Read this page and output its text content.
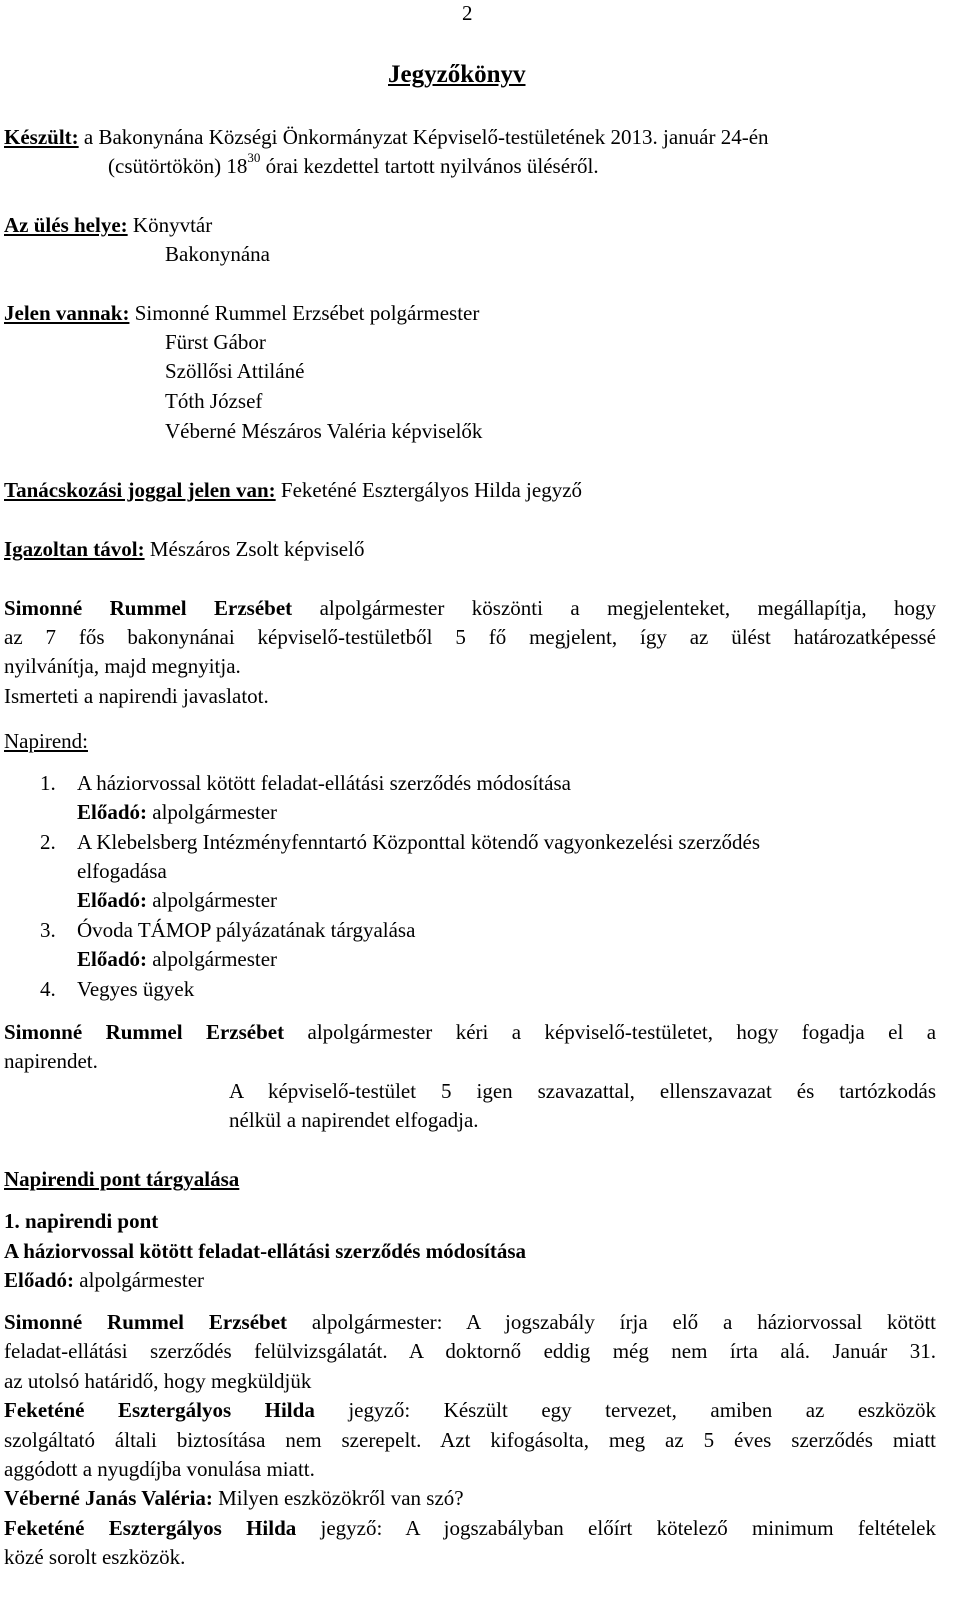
2
Jegyzőkönyv
Készült: a Bakonynána Községi Önkormányzat Képviselő-testületének 2013. január 24-én
(csütörtökön) $18^{30}$ órai kezdettel tartott nyilvános üléséről.
Az ülés helye: Könyvtár
Bakonynána
Jelen vannak: Simonné Rummel Erzsébet polgármester
Fürst Gábor
Szöllősi Attiláné
Tóth József
Véberné Mészáros Valéria képviselők
Tanácskozási joggal jelen van: Feketéné Esztergályos Hilda jegyző
Igazoltan távol: Mészáros Zsolt képviselő
Simonné Rummel Erzsébet alpolgármester köszönti a megjelenteket, megállapítja, hogy
az 7 fős bakonynánai képviselő-testületből 5 fő megjelent, így az ülést határozatképessé
nyilvánítja, majd megnyitja.
Ismerteti a napirendi javaslatot.
Napirend:
1. A háziorvossal kötött feladat-ellátási szerződés módosítása
Előadó: alpolgármester
2. A Klebelsberg Intézményfenntartó Központtal kötendő vagyonkezelési szerződés
elfogadása
Előadó: alpolgármester
3. Óvoda TÁMOP pályázatának tárgyalása
Előadó: alpolgármester
4. Vegyes ügyek
Simonné Rummel Erzsébet alpolgármester kéri a képviselő-testületet, hogy fogadja el a
napirendet.
A képviselő-testület 5 igen szavazattal, ellenszavazat és tartózkodás
nélkül a napirendet elfogadja.
Napirendi pont tárgyalása
1. napirendi pont
A háziorvossal kötött feladat-ellátási szerződés módosítása
Előadó: alpolgármester
Simonné Rummel Erzsébet alpolgármester: A jogszabály írja elő a háziorvossal kötött
feladat-ellátási szerződés felülvizsgálatát. A doktornő eddig még nem írta alá. Január 31.
az utolsó határidő, hogy megküldjük
Feketéné Esztergályos Hilda jegyző: Készült egy tervezet, amiben az eszközök
szolgáltató általi biztosítása nem szerepelt. Azt kifogásolta, meg az 5 éves szerződés miatt
aggódott a nyugdíjba vonulása miatt.
Véberné Janás Valéria: Milyen eszközökről van szó?
Feketéné Esztergályos Hilda jegyző: A jogszabályban előírt kötelező minimum feltételek
közé sorolt eszközök.
